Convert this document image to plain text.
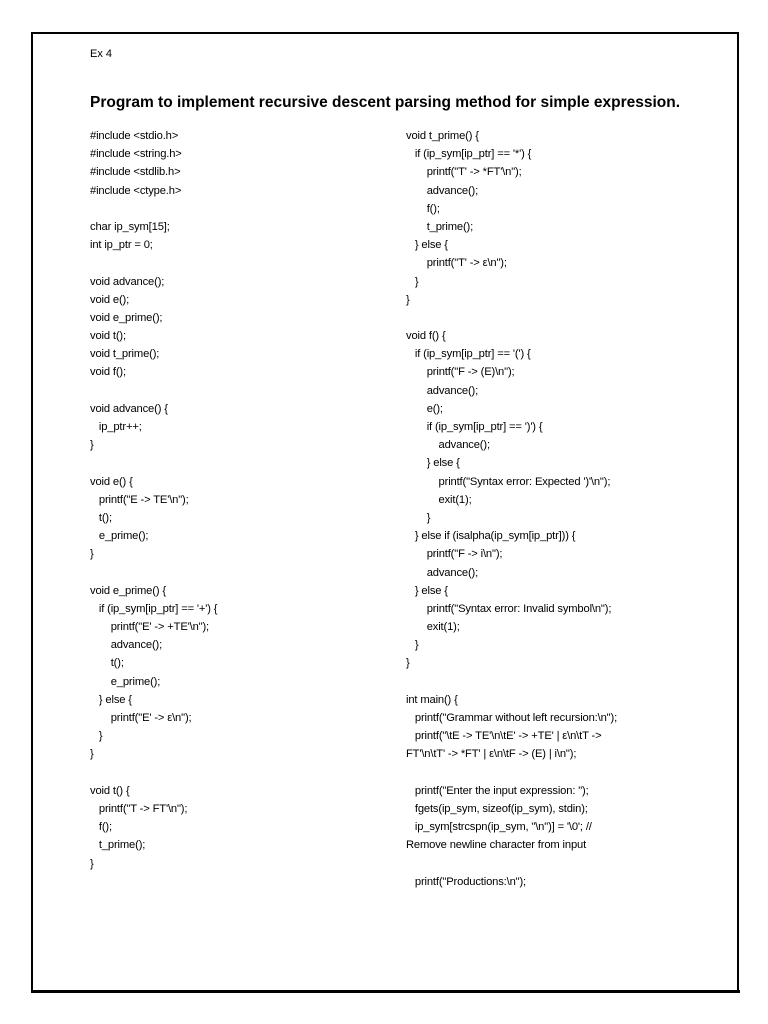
Ex 4
Program to implement recursive descent parsing method for simple expression.
#include <stdio.h>
#include <string.h>
#include <stdlib.h>
#include <ctype.h>
char ip_sym[15];
int ip_ptr = 0;
void advance();
void e();
void e_prime();
void t();
void t_prime();
void f();
void advance() {
ip_ptr++;
}
void e() {
printf("E -> TE'\n");
t();
e_prime();
}
void e_prime() {
if (ip_sym[ip_ptr] == '+') {
printf("E' -> +TE'\n");
advance();
t();
e_prime();
} else {
printf("E' -> ε\n");
}
}
void t() {
printf("T -> FT'\n");
f();
t_prime();
}
void t_prime() {
if (ip_sym[ip_ptr] == '*') {
printf("T' -> *FT'\n");
advance();
f();
t_prime();
} else {
printf("T' -> ε\n");
}
}
void f() {
if (ip_sym[ip_ptr] == '(') {
printf("F -> (E)\n");
advance();
e();
if (ip_sym[ip_ptr] == ')') {
advance();
} else {
printf("Syntax error: Expected ')'\n");
exit(1);
}
} else if (isalpha(ip_sym[ip_ptr])) {
printf("F -> i\n");
advance();
} else {
printf("Syntax error: Invalid symbol\n");
exit(1);
}
}
int main() {
printf("Grammar without left recursion:\n");
printf("\tE -> TE'\n\tE' -> +TE' | ε\n\tT ->
FT'\n\tT' -> *FT' | ε\n\tF -> (E) | i\n");
printf("Enter the input expression: ");
fgets(ip_sym, sizeof(ip_sym), stdin);
ip_sym[strcspn(ip_sym, "\n")] = '\0'; //
Remove newline character from input
printf("Productions:\n");
